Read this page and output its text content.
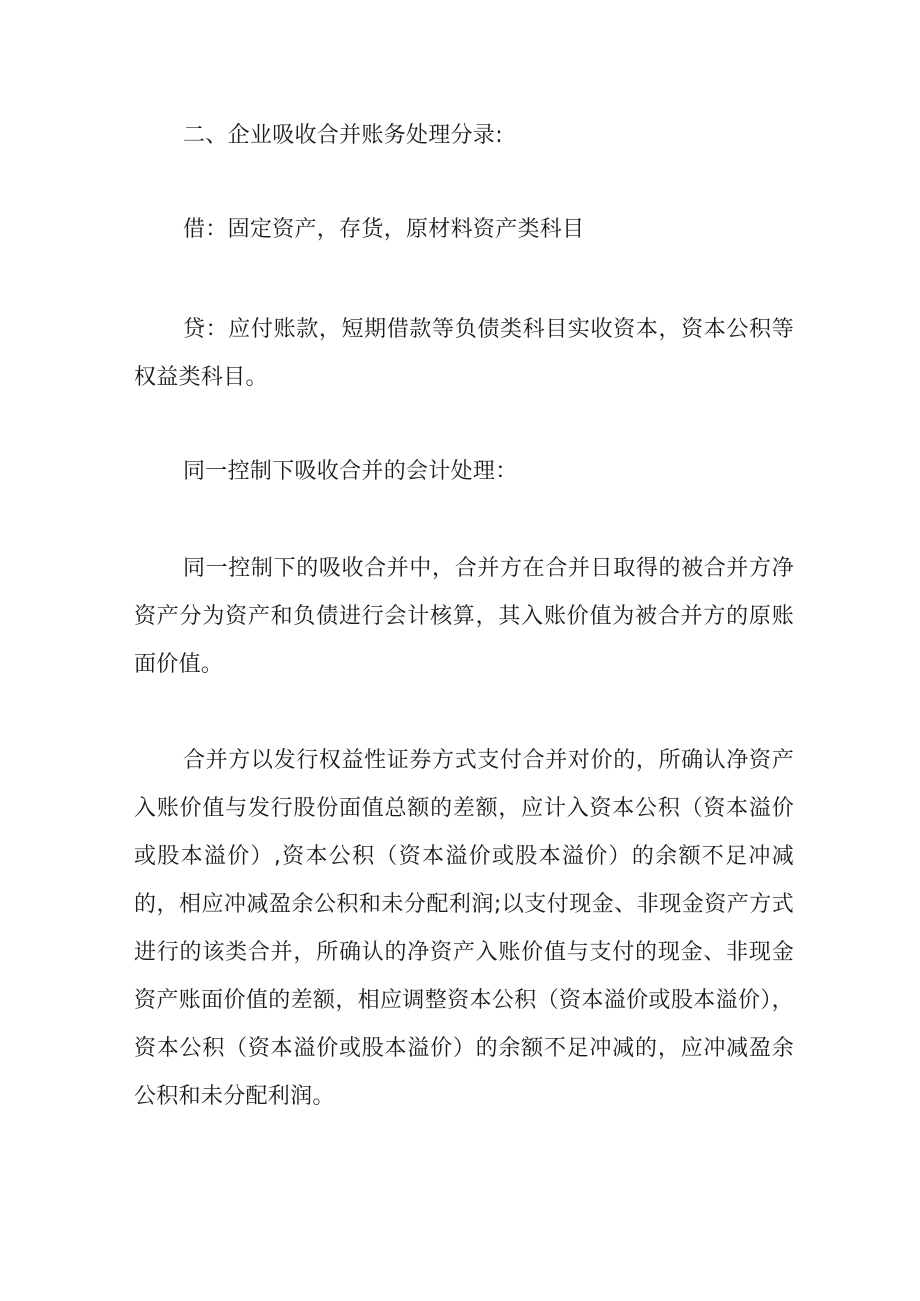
二、企业吸收合并账务处理分录:

借：固定资产，存货，原材料资产类科目

贷：应付账款，短期借款等负债类科目实收资本，资本公积等权益类科目。

同一控制下吸收合并的会计处理：

同一控制下的吸收合并中，合并方在合并日取得的被合并方净资产分为资产和负债进行会计核算，其入账价值为被合并方的原账面价值。

合并方以发行权益性证券方式支付合并对价的，所确认净资产入账价值与发行股份面值总额的差额，应计入资本公积（资本溢价或股本溢价）,资本公积（资本溢价或股本溢价）的余额不足冲减的，相应冲减盈余公积和未分配利润;以支付现金、非现金资产方式进行的该类合并，所确认的净资产入账价值与支付的现金、非现金资产账面价值的差额，相应调整资本公积（资本溢价或股本溢价），资本公积（资本溢价或股本溢价）的余额不足冲减的，应冲减盈余公积和未分配利润。
